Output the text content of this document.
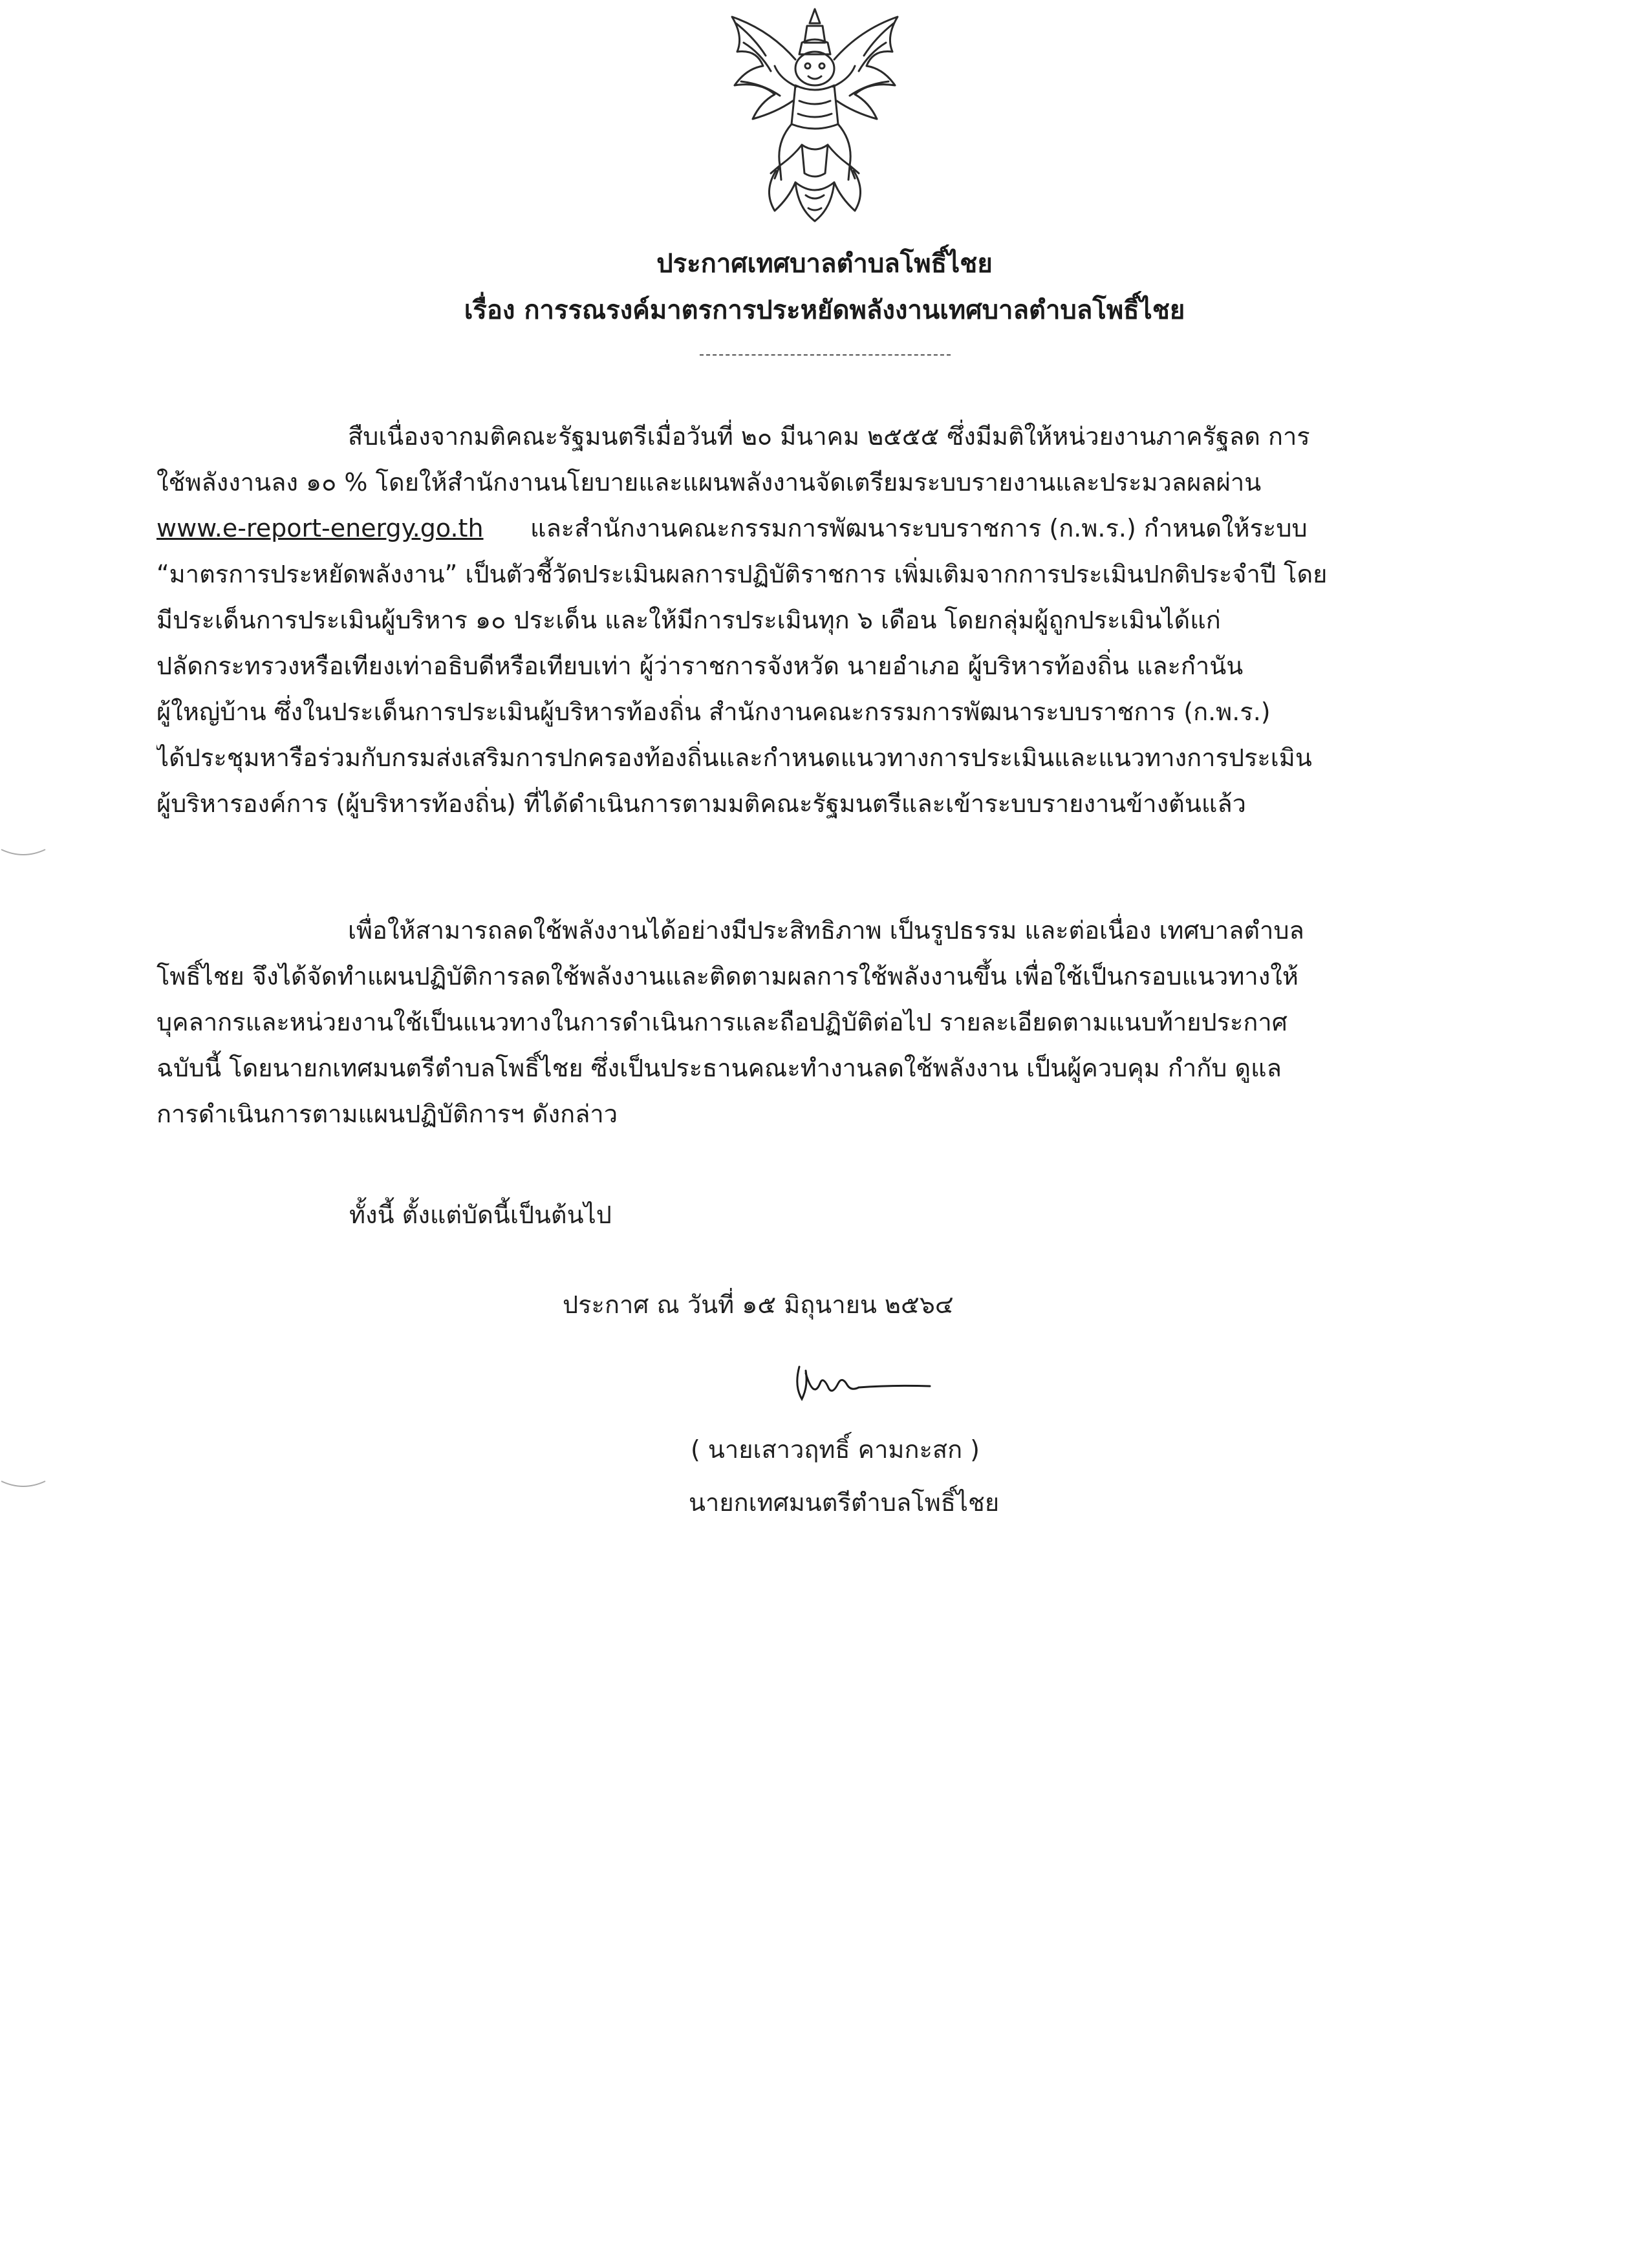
ประกาศเทศบาลตำบลโพธิ์ไชย
เรื่อง การรณรงค์มาตรการประหยัดพลังงานเทศบาลตำบลโพธิ์ไชย
สืบเนื่องจากมติคณะรัฐมนตรีเมื่อวันที่ ๒๐ มีนาคม ๒๕๕๕ ซึ่งมีมติให้หน่วยงานภาครัฐลด การ
ใช้พลังงานลง ๑๐ % โดยให้สำนักงานนโยบายและแผนพลังงานจัดเตรียมระบบรายงานและประมวลผลผ่าน
www.e-report-energy.go.th และสำนักงานคณะกรรมการพัฒนาระบบราชการ (ก.พ.ร.) กำหนดให้ระบบ
“มาตรการประหยัดพลังงาน” เป็นตัวชี้วัดประเมินผลการปฏิบัติราชการ เพิ่มเติมจากการประเมินปกติประจำปี โดย
มีประเด็นการประเมินผู้บริหาร ๑๐ ประเด็น และให้มีการประเมินทุก ๖ เดือน โดยกลุ่มผู้ถูกประเมินได้แก่
ปลัดกระทรวงหรือเทียงเท่าอธิบดีหรือเทียบเท่า ผู้ว่าราชการจังหวัด นายอำเภอ ผู้บริหารท้องถิ่น และกำนัน
ผู้ใหญ่บ้าน ซึ่งในประเด็นการประเมินผู้บริหารท้องถิ่น สำนักงานคณะกรรมการพัฒนาระบบราชการ (ก.พ.ร.)
ได้ประชุมหารือร่วมกับกรมส่งเสริมการปกครองท้องถิ่นและกำหนดแนวทางการประเมินและแนวทางการประเมิน
ผู้บริหารองค์การ (ผู้บริหารท้องถิ่น) ที่ได้ดำเนินการตามมติคณะรัฐมนตรีและเข้าระบบรายงานข้างต้นแล้ว
เพื่อให้สามารถลดใช้พลังงานได้อย่างมีประสิทธิภาพ เป็นรูปธรรม และต่อเนื่อง เทศบาลตำบล
โพธิ์ไชย จึงได้จัดทำแผนปฏิบัติการลดใช้พลังงานและติดตามผลการใช้พลังงานขึ้น เพื่อใช้เป็นกรอบแนวทางให้
บุคลากรและหน่วยงานใช้เป็นแนวทางในการดำเนินการและถือปฏิบัติต่อไป รายละเอียดตามแนบท้ายประกาศ
ฉบับนี้ โดยนายกเทศมนตรีตำบลโพธิ์ไชย ซึ่งเป็นประธานคณะทำงานลดใช้พลังงาน เป็นผู้ควบคุม กำกับ ดูแล
การดำเนินการตามแผนปฏิบัติการฯ ดังกล่าว
ทั้งนี้ ตั้งแต่บัดนี้เป็นต้นไป
ประกาศ ณ วันที่ ๑๕ มิถุนายน ๒๕๖๔
( นายเสาวฤทธิ์ คามกะสก )
นายกเทศมนตรีตำบลโพธิ์ไชย
